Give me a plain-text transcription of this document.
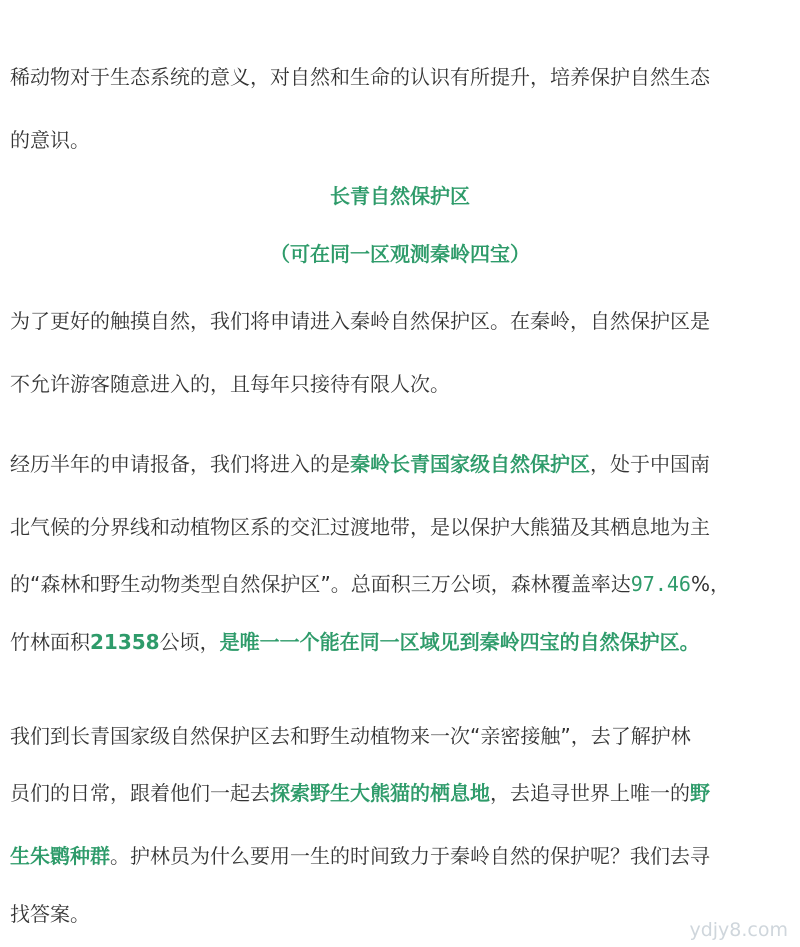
稀动物对于生态系统的意义，对自然和生命的认识有所提升，培养保护自然生态
的意识。
长青自然保护区
（可在同一区观测秦岭四宝）
为了更好的触摸自然，我们将申请进入秦岭自然保护区。在秦岭，自然保护区是
不允许游客随意进入的，且每年只接待有限人次。
经历半年的申请报备，我们将进入的是秦岭长青国家级自然保护区，处于中国南
北气候的分界线和动植物区系的交汇过渡地带，是以保护大熊猫及其栖息地为主
的“森林和野生动物类型自然保护区”。总面积三万公顷，森林覆盖率达97.46%，
竹林面积21358公顷，是唯一一个能在同一区域见到秦岭四宝的自然保护区。
我们到长青国家级自然保护区去和野生动植物来一次“亲密接触”，去了解护林
员们的日常，跟着他们一起去探索野生大熊猫的栖息地，去追寻世界上唯一的野
生朱鹮种群。护林员为什么要用一生的时间致力于秦岭自然的保护呢？我们去寻
找答案。
ydjy8.com
